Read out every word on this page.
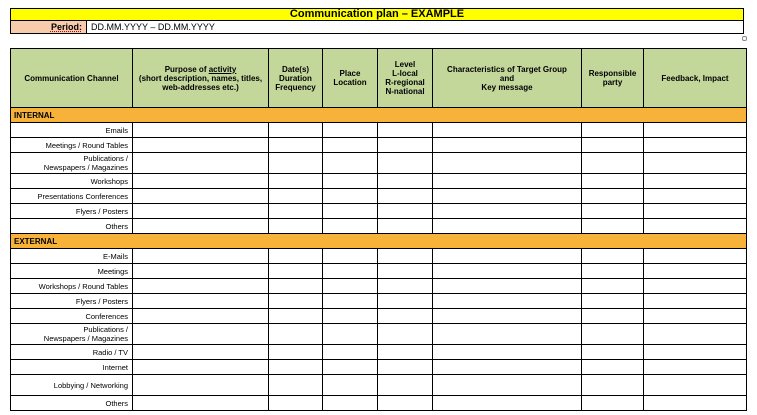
Communication plan – EXAMPLE
Period:	DD.MM.YYYY – DD.MM.YYYY
Communication Channel	Purpose of activity
(short description, names, titles,
web-addresses etc.)	Date(s)
Duration
Frequency	Place
Location	Level
L-local
R-regional
N-national	Characteristics of Target Group
and
Key message	Responsible
party	Feedback, Impact
INTERNAL							
Emails							
Meetings / Round Tables							
Publications /
Newspapers / Magazines							
Workshops							
Presentations Conferences							
Flyers / Posters							
Others							
EXTERNAL							
E-Mails							
Meetings							
Workshops / Round Tables							
Flyers / Posters							
Conferences							
Publications /
Newspapers / Magazines							
Radio / TV							
Internet							
Lobbying / Networking							
Others							
